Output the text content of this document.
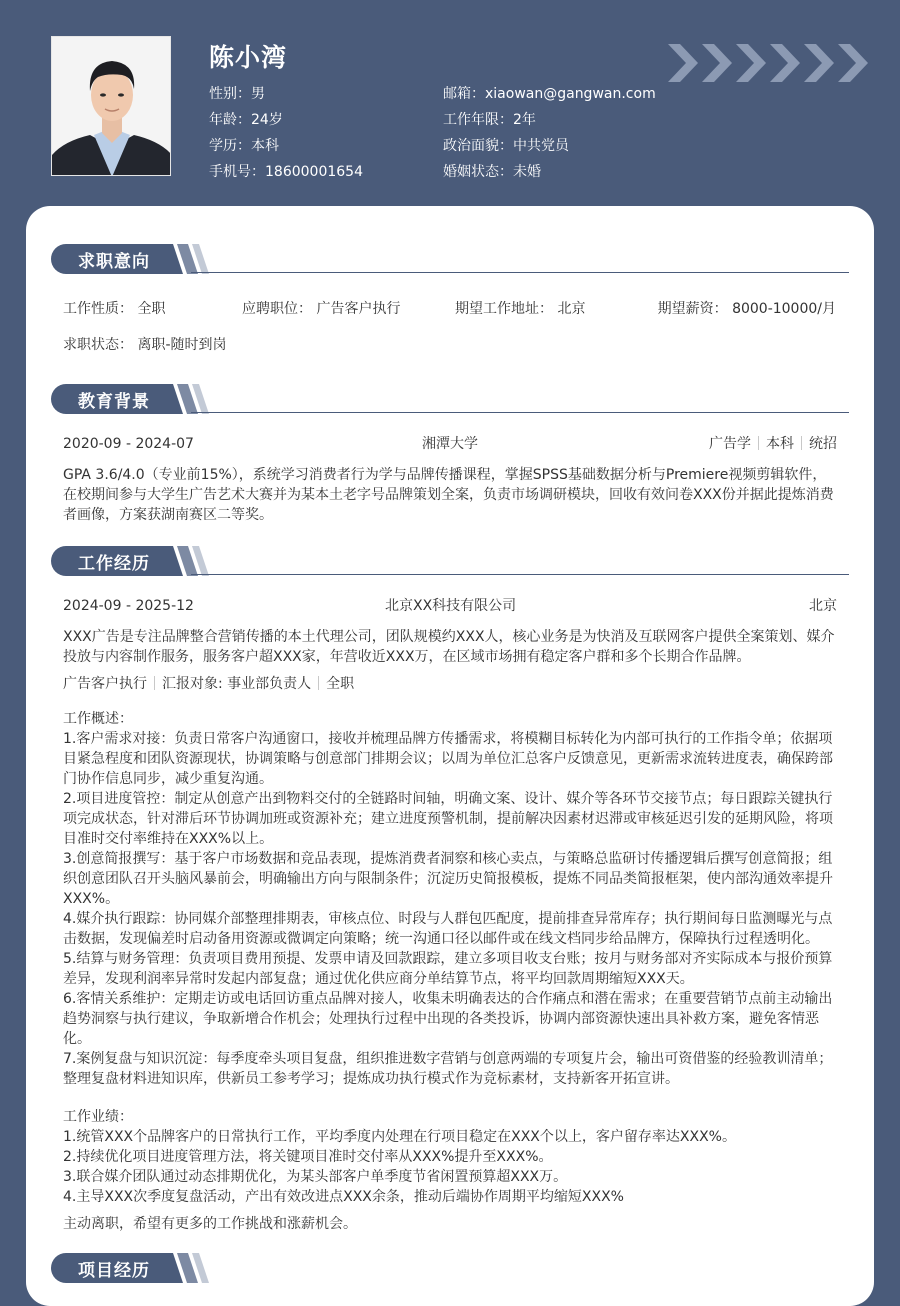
陈小湾
性别：男
年龄：24岁
学历：本科
手机号：18600001654
邮箱：xiaowan@gangwan.com
工作年限：2年
政治面貌：中共党员
婚姻状态：未婚
求职意向
工作性质： 全职	应聘职位： 广告客户执行	期望工作地址： 北京	期望薪资： 8000-10000/月
求职状态： 离职-随时到岗
教育背景
2020-09 - 2024-07	湘潭大学	广告学 本科 统招
GPA 3.6/4.0（专业前15%），系统学习消费者行为学与品牌传播课程，掌握SPSS基础数据分析与Premiere视频剪辑软件，在校期间参与大学生广告艺术大赛并为某本土老字号品牌策划全案，负责市场调研模块，回收有效问卷XXX份并据此提炼消费者画像，方案获湖南赛区二等奖。
工作经历
2024-09 - 2025-12	北京XX科技有限公司	北京
XXX广告是专注品牌整合营销传播的本土代理公司，团队规模约XXX人，核心业务是为快消及互联网客户提供全案策划、媒介投放与内容制作服务，服务客户超XXX家，年营收近XXX万，在区域市场拥有稳定客户群和多个长期合作品牌。
广告客户执行 汇报对象: 事业部负责人 全职

工作概述：

1.客户需求对接：负责日常客户沟通窗口，接收并梳理品牌方传播需求，将模糊目标转化为内部可执行的工作指令单；依据项目紧急程度和团队资源现状，协调策略与创意部门排期会议；以周为单位汇总客户反馈意见，更新需求流转进度表，确保跨部门协作信息同步，减少重复沟通。

2.项目进度管控：制定从创意产出到物料交付的全链路时间轴，明确文案、设计、媒介等各环节交接节点；每日跟踪关键执行项完成状态，针对滞后环节协调加班或资源补充；建立进度预警机制，提前解决因素材迟滞或审核延迟引发的延期风险，将项目准时交付率维持在XXX%以上。

3.创意简报撰写：基于客户市场数据和竞品表现，提炼消费者洞察和核心卖点，与策略总监研讨传播逻辑后撰写创意简报；组织创意团队召开头脑风暴前会，明确输出方向与限制条件；沉淀历史简报模板，提炼不同品类简报框架，使内部沟通效率提升XXX%。

4.媒介执行跟踪：协同媒介部整理排期表，审核点位、时段与人群包匹配度，提前排查异常库存；执行期间每日监测曝光与点击数据，发现偏差时启动备用资源或微调定向策略；统一沟通口径以邮件或在线文档同步给品牌方，保障执行过程透明化。

5.结算与财务管理：负责项目费用预提、发票申请及回款跟踪，建立多项目收支台账；按月与财务部对齐实际成本与报价预算差异，发现利润率异常时发起内部复盘；通过优化供应商分单结算节点，将平均回款周期缩短XXX天。

6.客情关系维护：定期走访或电话回访重点品牌对接人，收集未明确表达的合作痛点和潜在需求；在重要营销节点前主动输出趋势洞察与执行建议，争取新增合作机会；处理执行过程中出现的各类投诉，协调内部资源快速出具补救方案，避免客情恶化。

7.案例复盘与知识沉淀：每季度牵头项目复盘，组织推进数字营销与创意两端的专项复片会，输出可资借鉴的经验教训清单；整理复盘材料进知识库，供新员工参考学习；提炼成功执行模式作为竞标素材，支持新客开拓宣讲。

工作业绩：

1.统管XXX个品牌客户的日常执行工作，平均季度内处理在行项目稳定在XXX个以上，客户留存率达XXX%。

2.持续优化项目进度管理方法，将关键项目准时交付率从XXX%提升至XXX%。

3.联合媒介团队通过动态排期优化，为某头部客户单季度节省闲置预算超XXX万。

4.主导XXX次季度复盘活动，产出有效改进点XXX余条，推动后端协作周期平均缩短XXX%

主动离职，希望有更多的工作挑战和涨薪机会。
项目经历
